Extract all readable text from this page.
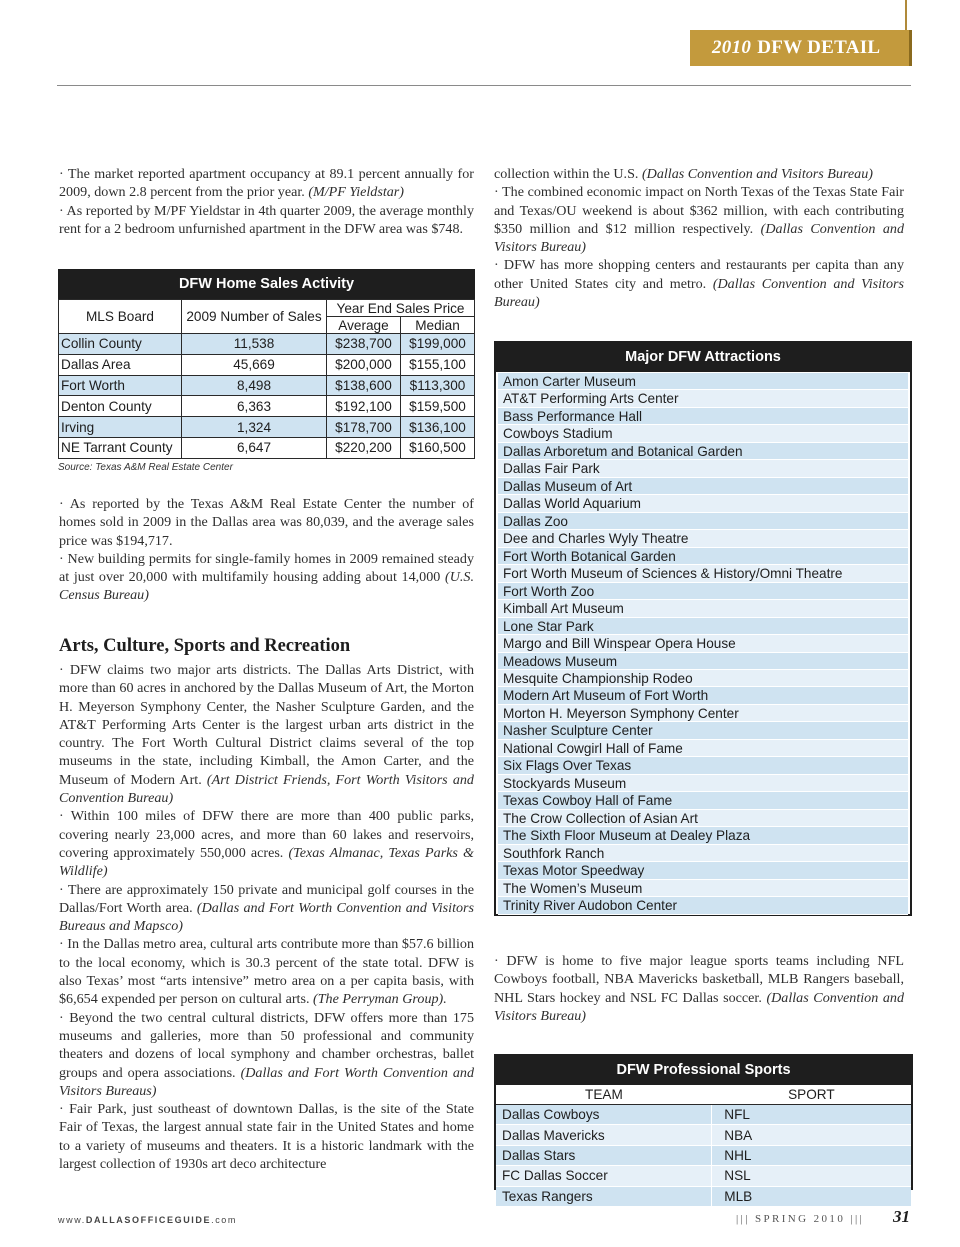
2010 DFW DETAIL

· The market reported apartment occupancy at 89.1 percent annually for 2009, down 2.8 percent from the prior year. (M/PF Yieldstar)

· As reported by M/PF Yieldstar in 4th quarter 2009, the average monthly rent for a 2 bedroom unfurnished apartment in the DFW area was $748.

DFW Home Sales Activity
MLS Board	2009 Number of Sales	Year End Sales Price	
		Average	Median
Collin County	11,538	$238,700	$199,000
Dallas Area	45,669	$200,000	$155,100
Fort Worth	8,498	$138,600	$113,300
Denton County	6,363	$192,100	$159,500
Irving	1,324	$178,700	$136,100
NE Tarrant County	6,647	$220,200	$160,500
Source: Texas A&M Real Estate Center

· As reported by the Texas A&M Real Estate Center the number of homes sold in 2009 in the Dallas area was 80,039, and the average sales price was $194,717.

· New building permits for single-family homes in 2009 remained steady at just over 20,000 with multifamily housing adding about 14,000 (U.S. Census Bureau)

Arts, Culture, Sports and Recreation

· DFW claims two major arts districts. The Dallas Arts District, with more than 60 acres in anchored by the Dallas Museum of Art, the Morton H. Meyerson Symphony Center, the Nasher Sculpture Garden, and the AT&T Performing Arts Center is the largest urban arts district in the country. The Fort Worth Cultural District claims several of the top museums in the state, including Kimball, the Amon Carter, and the Museum of Modern Art. (Art District Friends, Fort Worth Visitors and Convention Bureau)

· Within 100 miles of DFW there are more than 400 public parks, covering nearly 23,000 acres, and more than 60 lakes and reservoirs, covering approximately 550,000 acres. (Texas Almanac, Texas Parks & Wildlife)

· There are approximately 150 private and municipal golf courses in the Dallas/Fort Worth area. (Dallas and Fort Worth Convention and Visitors Bureaus and Mapsco)

· In the Dallas metro area, cultural arts contribute more than $57.6 billion to the local economy, which is 30.3 percent of the state total. DFW is also Texas’ most “arts intensive” metro area on a per capita basis, with $6,654 expended per person on cultural arts. (The Perryman Group).

· Beyond the two central cultural districts, DFW offers more than 175 museums and galleries, more than 50 professional and community theaters and dozens of local symphony and chamber orchestras, ballet groups and opera associations. (Dallas and Fort Worth Convention and Visitors Bureaus)

· Fair Park, just southeast of downtown Dallas, is the site of the State Fair of Texas, the largest annual state fair in the United States and home to a variety of museums and theaters. It is a historic landmark with the largest collection of 1930s art deco architecture

collection within the U.S. (Dallas Convention and Visitors Bureau)

· The combined economic impact on North Texas of the Texas State Fair and Texas/OU weekend is about $362 million, with each contributing $350 million and $12 million respectively. (Dallas Convention and Visitors Bureau)

· DFW has more shopping centers and restaurants per capita than any other United States city and metro. (Dallas Convention and Visitors Bureau)

Major DFW Attractions
Amon Carter Museum
AT&T Performing Arts Center
Bass Performance Hall
Cowboys Stadium
Dallas Arboretum and Botanical Garden
Dallas Fair Park
Dallas Museum of Art
Dallas World Aquarium
Dallas Zoo
Dee and Charles Wyly Theatre
Fort Worth Botanical Garden
Fort Worth Museum of Sciences & History/Omni Theatre
Fort Worth Zoo
Kimball Art Museum
Lone Star Park
Margo and Bill Winspear Opera House
Meadows Museum
Mesquite Championship Rodeo
Modern Art Museum of Fort Worth
Morton H. Meyerson Symphony Center
Nasher Sculpture Center
National Cowgirl Hall of Fame
Six Flags Over Texas
Stockyards Museum
Texas Cowboy Hall of Fame
The Crow Collection of Asian Art
The Sixth Floor Museum at Dealey Plaza
Southfork Ranch
Texas Motor Speedway
The Women’s Museum
Trinity River Audobon Center

· DFW is home to five major league sports teams including NFL Cowboys football, NBA Mavericks basketball, MLB Rangers baseball, NHL Stars hockey and NSL FC Dallas soccer. (Dallas Convention and Visitors Bureau)

DFW Professional Sports
TEAM	SPORT
Dallas Cowboys	NFL
Dallas Mavericks	NBA
Dallas Stars	NHL
FC Dallas Soccer	NSL
Texas Rangers	MLB
www.DALLASOFFICEGUIDE.com	||| SPRING 2010 ||| 31
